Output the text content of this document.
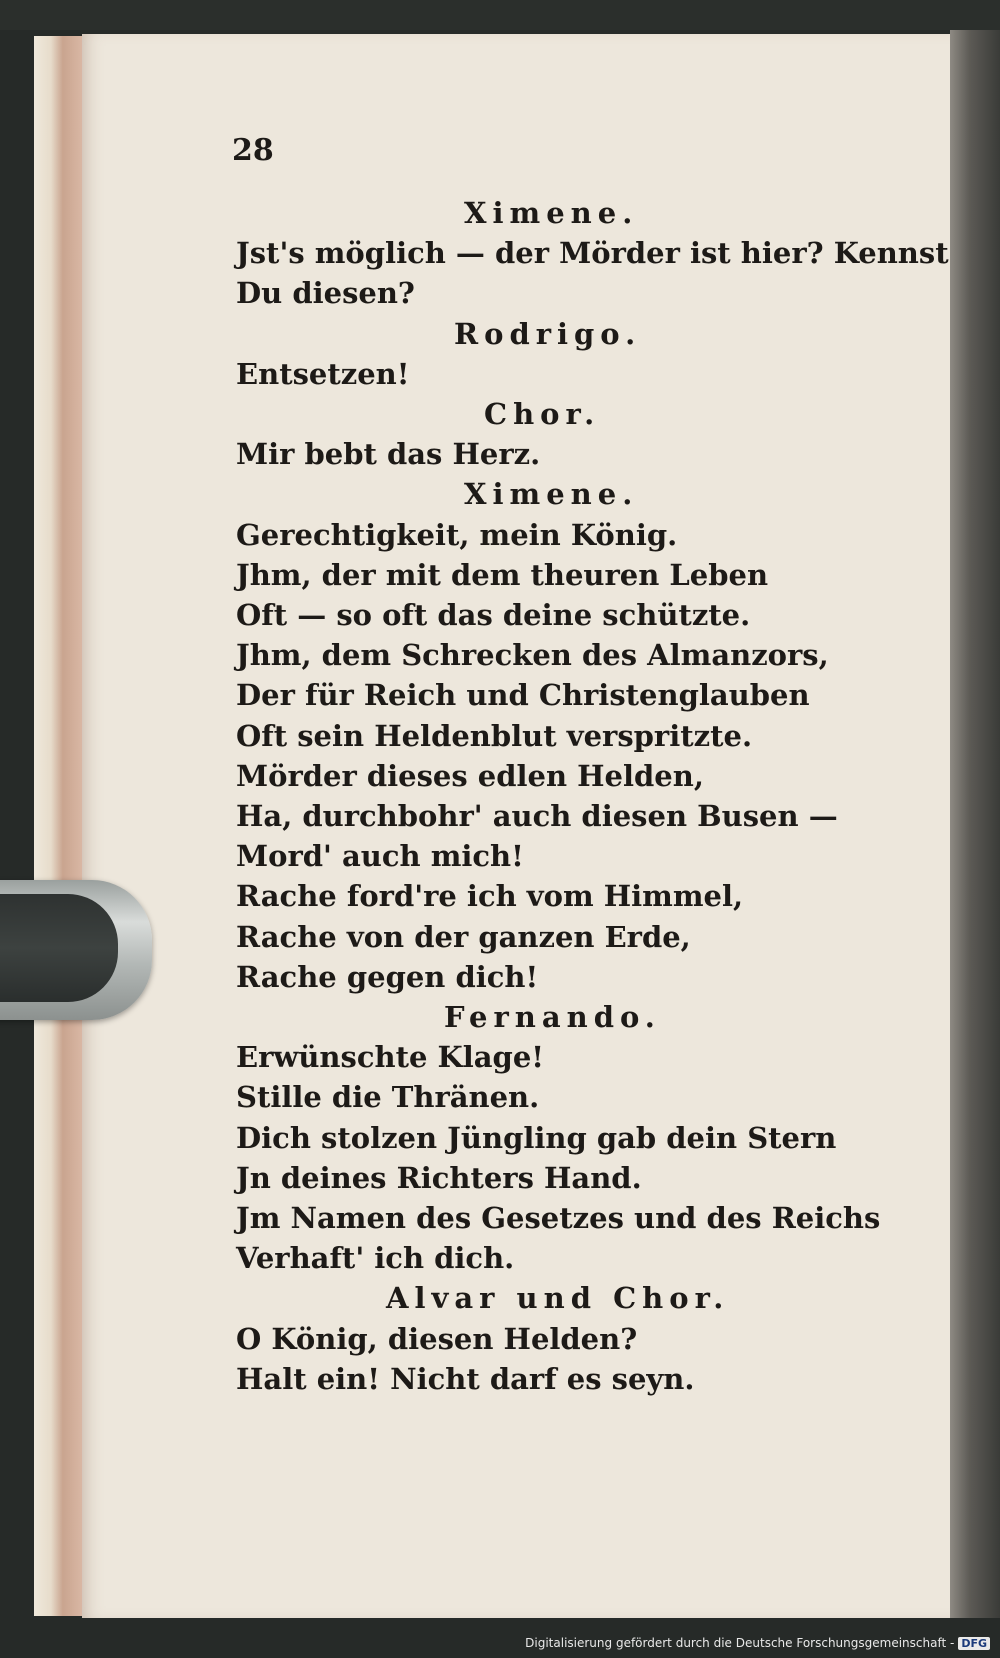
28
Ximene.
Jst's möglich — der Mörder ist hier? Kennst
Du diesen?
Rodrigo.
Entsetzen!
Chor.
Mir bebt das Herz.
Ximene.
Gerechtigkeit, mein König.
Jhm, der mit dem theuren Leben
Oft — so oft das deine schützte.
Jhm, dem Schrecken des Almanzors,
Der für Reich und Christenglauben
Oft sein Heldenblut verspritzte.
Mörder dieses edlen Helden,
Ha, durchbohr' auch diesen Busen —
Mord' auch mich!
Rache ford're ich vom Himmel,
Rache von der ganzen Erde,
Rache gegen dich!
Fernando.
Erwünschte Klage!
Stille die Thränen.
Dich stolzen Jüngling gab dein Stern
Jn deines Richters Hand.
Jm Namen des Gesetzes und des Reichs
Verhaft' ich dich.
Alvar und Chor.
O König, diesen Helden?
Halt ein! Nicht darf es seyn.
Digitalisierung gefördert durch die Deutsche Forschungsgemeinschaft - DFG
